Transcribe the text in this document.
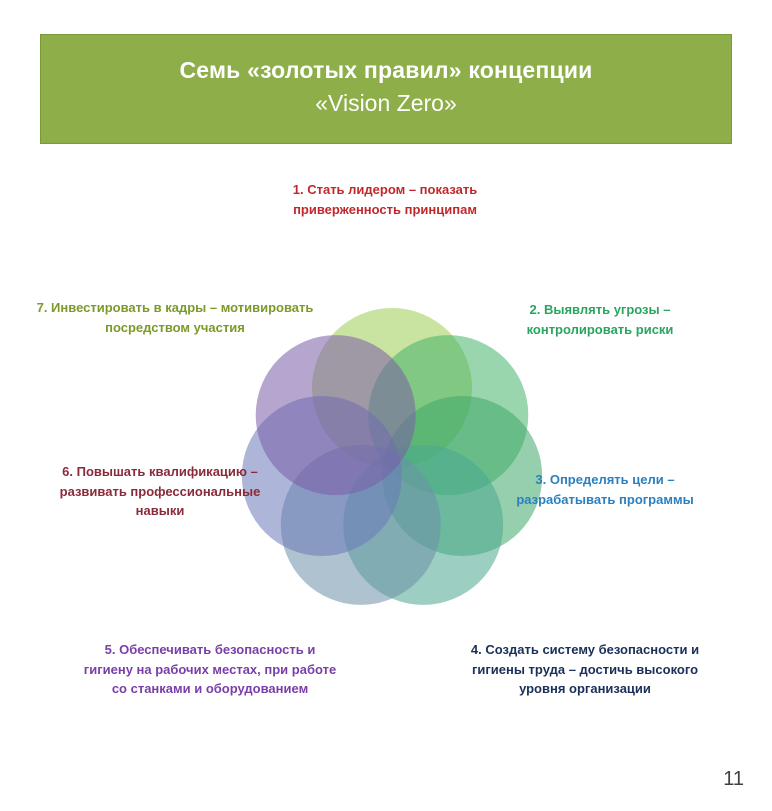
Семь «золотых правил» концепции
«Vision Zero»
1. Стать лидером – показать
приверженность принципам
2. Выявлять угрозы –
контролировать риски
3. Определять цели –
разрабатывать программы
4. Создать систему безопасности и
гигиены труда – достичь высокого
уровня организации
5. Обеспечивать безопасность и
гигиену на рабочих местах, при работе
со станками и оборудованием
6. Повышать квалификацию –
развивать профессиональные
навыки
7. Инвестировать в кадры – мотивировать
посредством участия
11
